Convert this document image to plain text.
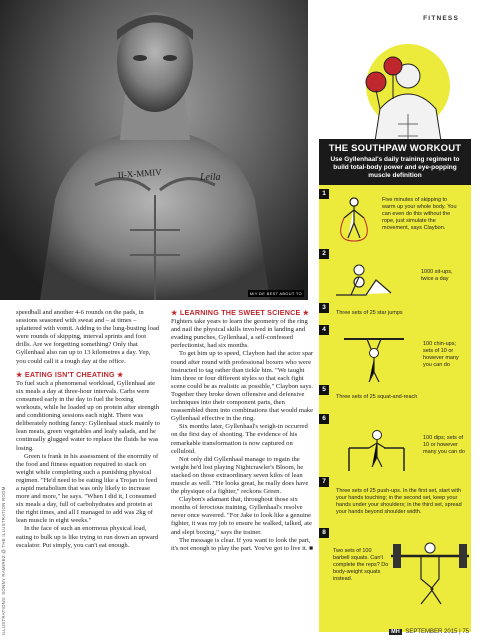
II-X-MMIV	Leila
MIY DE BEST ABOUT TO
FITNESS
THE SOUTHPAW WORKOUT
Use Gyllenhaal's daily training regimen to build total-body power and eye-popping muscle definition
1
Five minutes of skipping to warm up your whole body. You can even do this without the rope, just simulate the movement, says Claybon.
2
1000 sit-ups, twice a day
3
Three sets of 25 star jumps
4
100 chin-ups; sets of 10 or however many you can do
5
Three sets of 25 squat-and-reach
6
100 dips; sets of 10 or however many you can do
7
Three sets of 25 push-ups. In the first set, start with your hands touching; in the second set, keep your hands under your shoulders; in the third set, spread your hands beyond shoulder width.
8
Two sets of 100 barbell squats. Can't complete the reps? Do body-weight squats instead.

speedball and another 4-6 rounds on the pads, in sessions seasoned with sweat and – at times – splattered with vomit. Adding to the lung-busting load were rounds of skipping, interval sprints and foot drills. Are we forgetting something? Only that Gyllenhaal also ran up to 13 kilometres a day. Yep, you could call it a tough day at the office.

★ EATING ISN'T CHEATING ★

To fuel such a phenomenal workload, Gyllenhaal ate six meals a day at three-hour intervals. Carbs were consumed early in the day to fuel the boxing workouts, while he loaded up on protein after strength and conditioning sessions each night. There was deliberately nothing fancy: Gyllenhaal stuck mainly to lean meats, green vegetables and leafy salads, and he continually glugged water to replace the fluids he was losing.

Green is frank in his assessment of the enormity of the food and fitness equation required to stack on weight while completing such a punishing physical regimen. "He'd need to be eating like a Trojan to feed a rapid metabolism that was only likely to increase more and more," he says. "When I did it, I consumed six meals a day, full of carbohydrates and protein at the right times, and all I managed to add was 2kg of lean muscle in eight weeks."

In the face of such an enormous physical load, eating to bulk up is like trying to run down an upward escalator. Put simply, you can't eat enough.

★ LEARNING THE SWEET SCIENCE ★

Fighters take years to learn the geometry of the ring and nail the physical skills involved in landing and evading punches, Gyllenhaal, a self-confessed perfectionist, had six months.

To get him up to speed, Claybon had the actor spar round after round with professional boxers who were instructed to tag rather than tickle him. "We taught him three or four different styles so that each fight scene could be as realistic as possible," Claybon says. Together they broke down offensive and defensive techniques into their component parts, then reassembled them into combinations that would make Gyllenhaal effective in the ring.

Six months later, Gyllenhaal's weigh-in occurred on the first day of shooting. The evidence of his remarkable transformation is now captured on celluloid.

Not only did Gyllenhaal manage to regain the weight he'd lost playing Nightcrawler's Bloom, he stacked on those extraordinary seven kilos of lean muscle as well. "He looks great, he really does have the physique of a fighter," reckons Green.

Claybon's adamant that, throughout those six months of ferocious training, Gyllenhaal's resolve never once wavered. "For Jake to look like a genuine fighter, it was my job to ensure he walked, talked, ate and slept boxing," says the trainer.

The message is clear. If you want to look the part, it's not enough to play the part. You've got to live it. ■

ILLUSTRATIONS: SONNY RAMIREZ @ THE ILLUSTRATION ROOM	MH SEPTEMBER 2015 | 75
